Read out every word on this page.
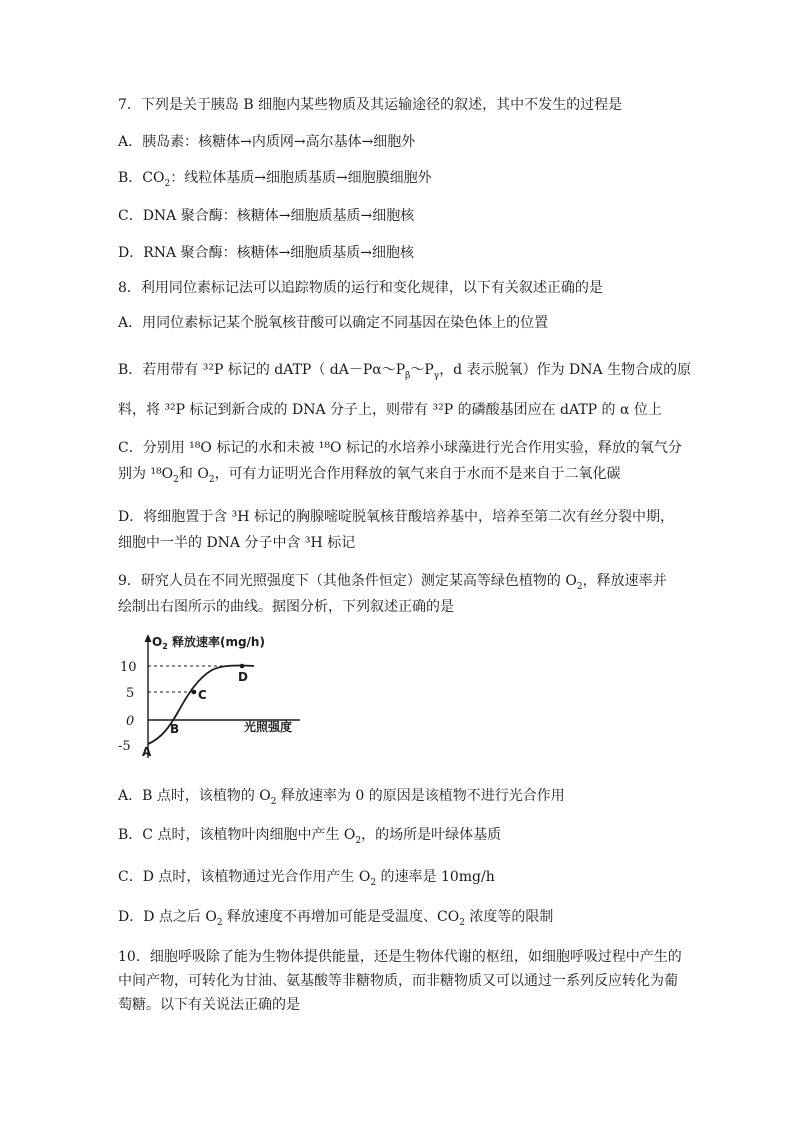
7．下列是关于胰岛 B 细胞内某些物质及其运输途径的叙述，其中不发生的过程是
A．胰岛素：核糖体→内质网→高尔基体→细胞外
B．$CO_2$：线粒体基质→细胞质基质→细胞膜细胞外
C．DNA 聚合酶：核糖体→细胞质基质→细胞核
D．RNA 聚合酶：核糖体→细胞质基质→细胞核
8．利用同位素标记法可以追踪物质的运行和变化规律，以下有关叙述正确的是
A．用同位素标记某个脱氧核苷酸可以确定不同基因在染色体上的位置
B．若用带有 ³²P 标记的 dATP（ $dA-P\alpha\sim P_\beta\sim P_\gamma$，d 表示脱氧）作为 DNA 生物合成的原
料，将 ³²P 标记到新合成的 DNA 分子上，则带有 ³²P 的磷酸基团应在 dATP 的 α 位上
C．分别用 ¹⁸O 标记的水和未被 ¹⁸O 标记的水培养小球藻进行光合作用实验，释放的氧气分
别为 $^{18}O_2$和 $O_2$，可有力证明光合作用释放的氧气来自于水而不是来自于二氧化碳
D．将细胞置于含 ³H 标记的胸腺嘧啶脱氧核苷酸培养基中，培养至第二次有丝分裂中期，
细胞中一半的 DNA 分子中含 ³H 标记
9．研究人员在不同光照强度下（其他条件恒定）测定某高等绿色植物的 $O_2$，释放速率并
绘制出右图所示的曲线。据图分析，下列叙述正确的是
$O_2$ 释放速率(mg/h)
光照强度
10
5
0
-5 A
B
C
D
A．B 点时，该植物的 $O_2$ 释放速率为 0 的原因是该植物不进行光合作用
B．C 点时，该植物叶肉细胞中产生 $O_2$，的场所是叶绿体基质
C．D 点时，该植物通过光合作用产生 $O_2$ 的速率是 10mg/h
D．D 点之后 $O_2$ 释放速度不再增加可能是受温度、$CO_2$ 浓度等的限制
10．细胞呼吸除了能为生物体提供能量，还是生物体代谢的枢纽，如细胞呼吸过程中产生的
中间产物，可转化为甘油、氨基酸等非糖物质，而非糖物质又可以通过一系列反应转化为葡
萄糖。以下有关说法正确的是
